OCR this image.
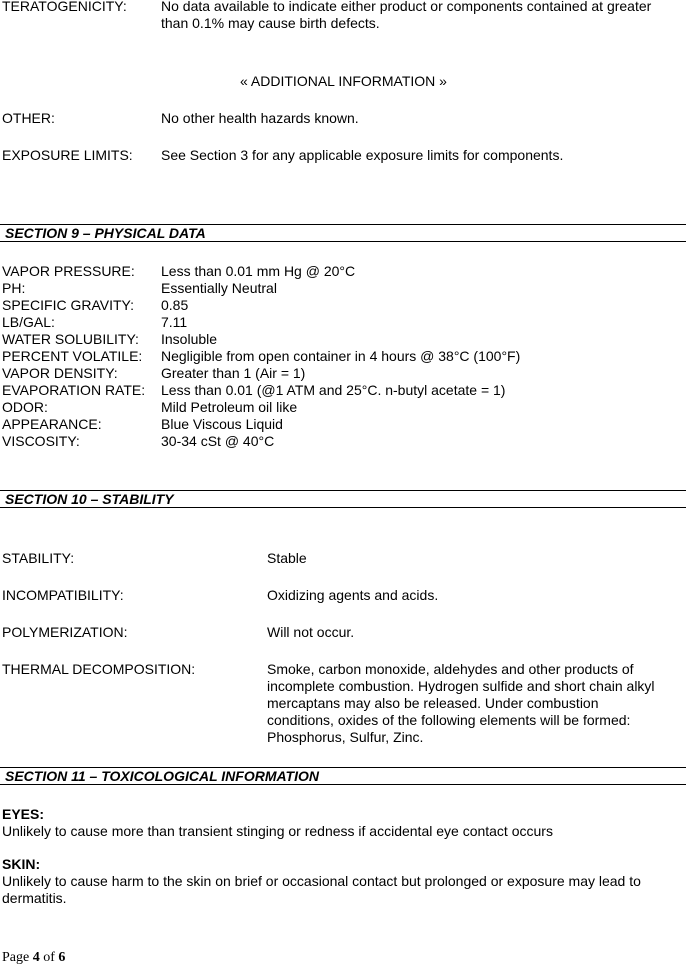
TERATOGENICITY: No data available to indicate either product or components contained at greater
than 0.1% may cause birth defects.
« ADDITIONAL INFORMATION »
OTHER:	No other health hazards known.
EXPOSURE LIMITS: See Section 3 for any applicable exposure limits for components.
SECTION 9 – PHYSICAL DATA
VAPOR PRESSURE: Less than 0.01 mm Hg @ 20°C
PH:	Essentially Neutral
SPECIFIC GRAVITY: 0.85
LB/GAL:	7.11
WATER SOLUBILITY: Insoluble
PERCENT VOLATILE: Negligible from open container in 4 hours @ 38°C (100°F)
VAPOR DENSITY:	Greater than 1 (Air = 1)
EVAPORATION RATE: Less than 0.01 (@1 ATM and 25°C. n-butyl acetate = 1)
ODOR:	Mild Petroleum oil like
APPEARANCE:	Blue Viscous Liquid
VISCOSITY:	30-34 cSt @ 40°C
SECTION 10 – STABILITY
STABILITY:	Stable
INCOMPATIBILITY:	Oxidizing agents and acids.
POLYMERIZATION:	Will not occur.
THERMAL DECOMPOSITION:	Smoke, carbon monoxide, aldehydes and other products of
incomplete combustion. Hydrogen sulfide and short chain alkyl
mercaptans may also be released. Under combustion
conditions, oxides of the following elements will be formed:
Phosphorus, Sulfur, Zinc.
SECTION 11 – TOXICOLOGICAL INFORMATION
EYES:
Unlikely to cause more than transient stinging or redness if accidental eye contact occurs
SKIN:
Unlikely to cause harm to the skin on brief or occasional contact but prolonged or exposure may lead to
dermatitis.
Page 4 of 6
